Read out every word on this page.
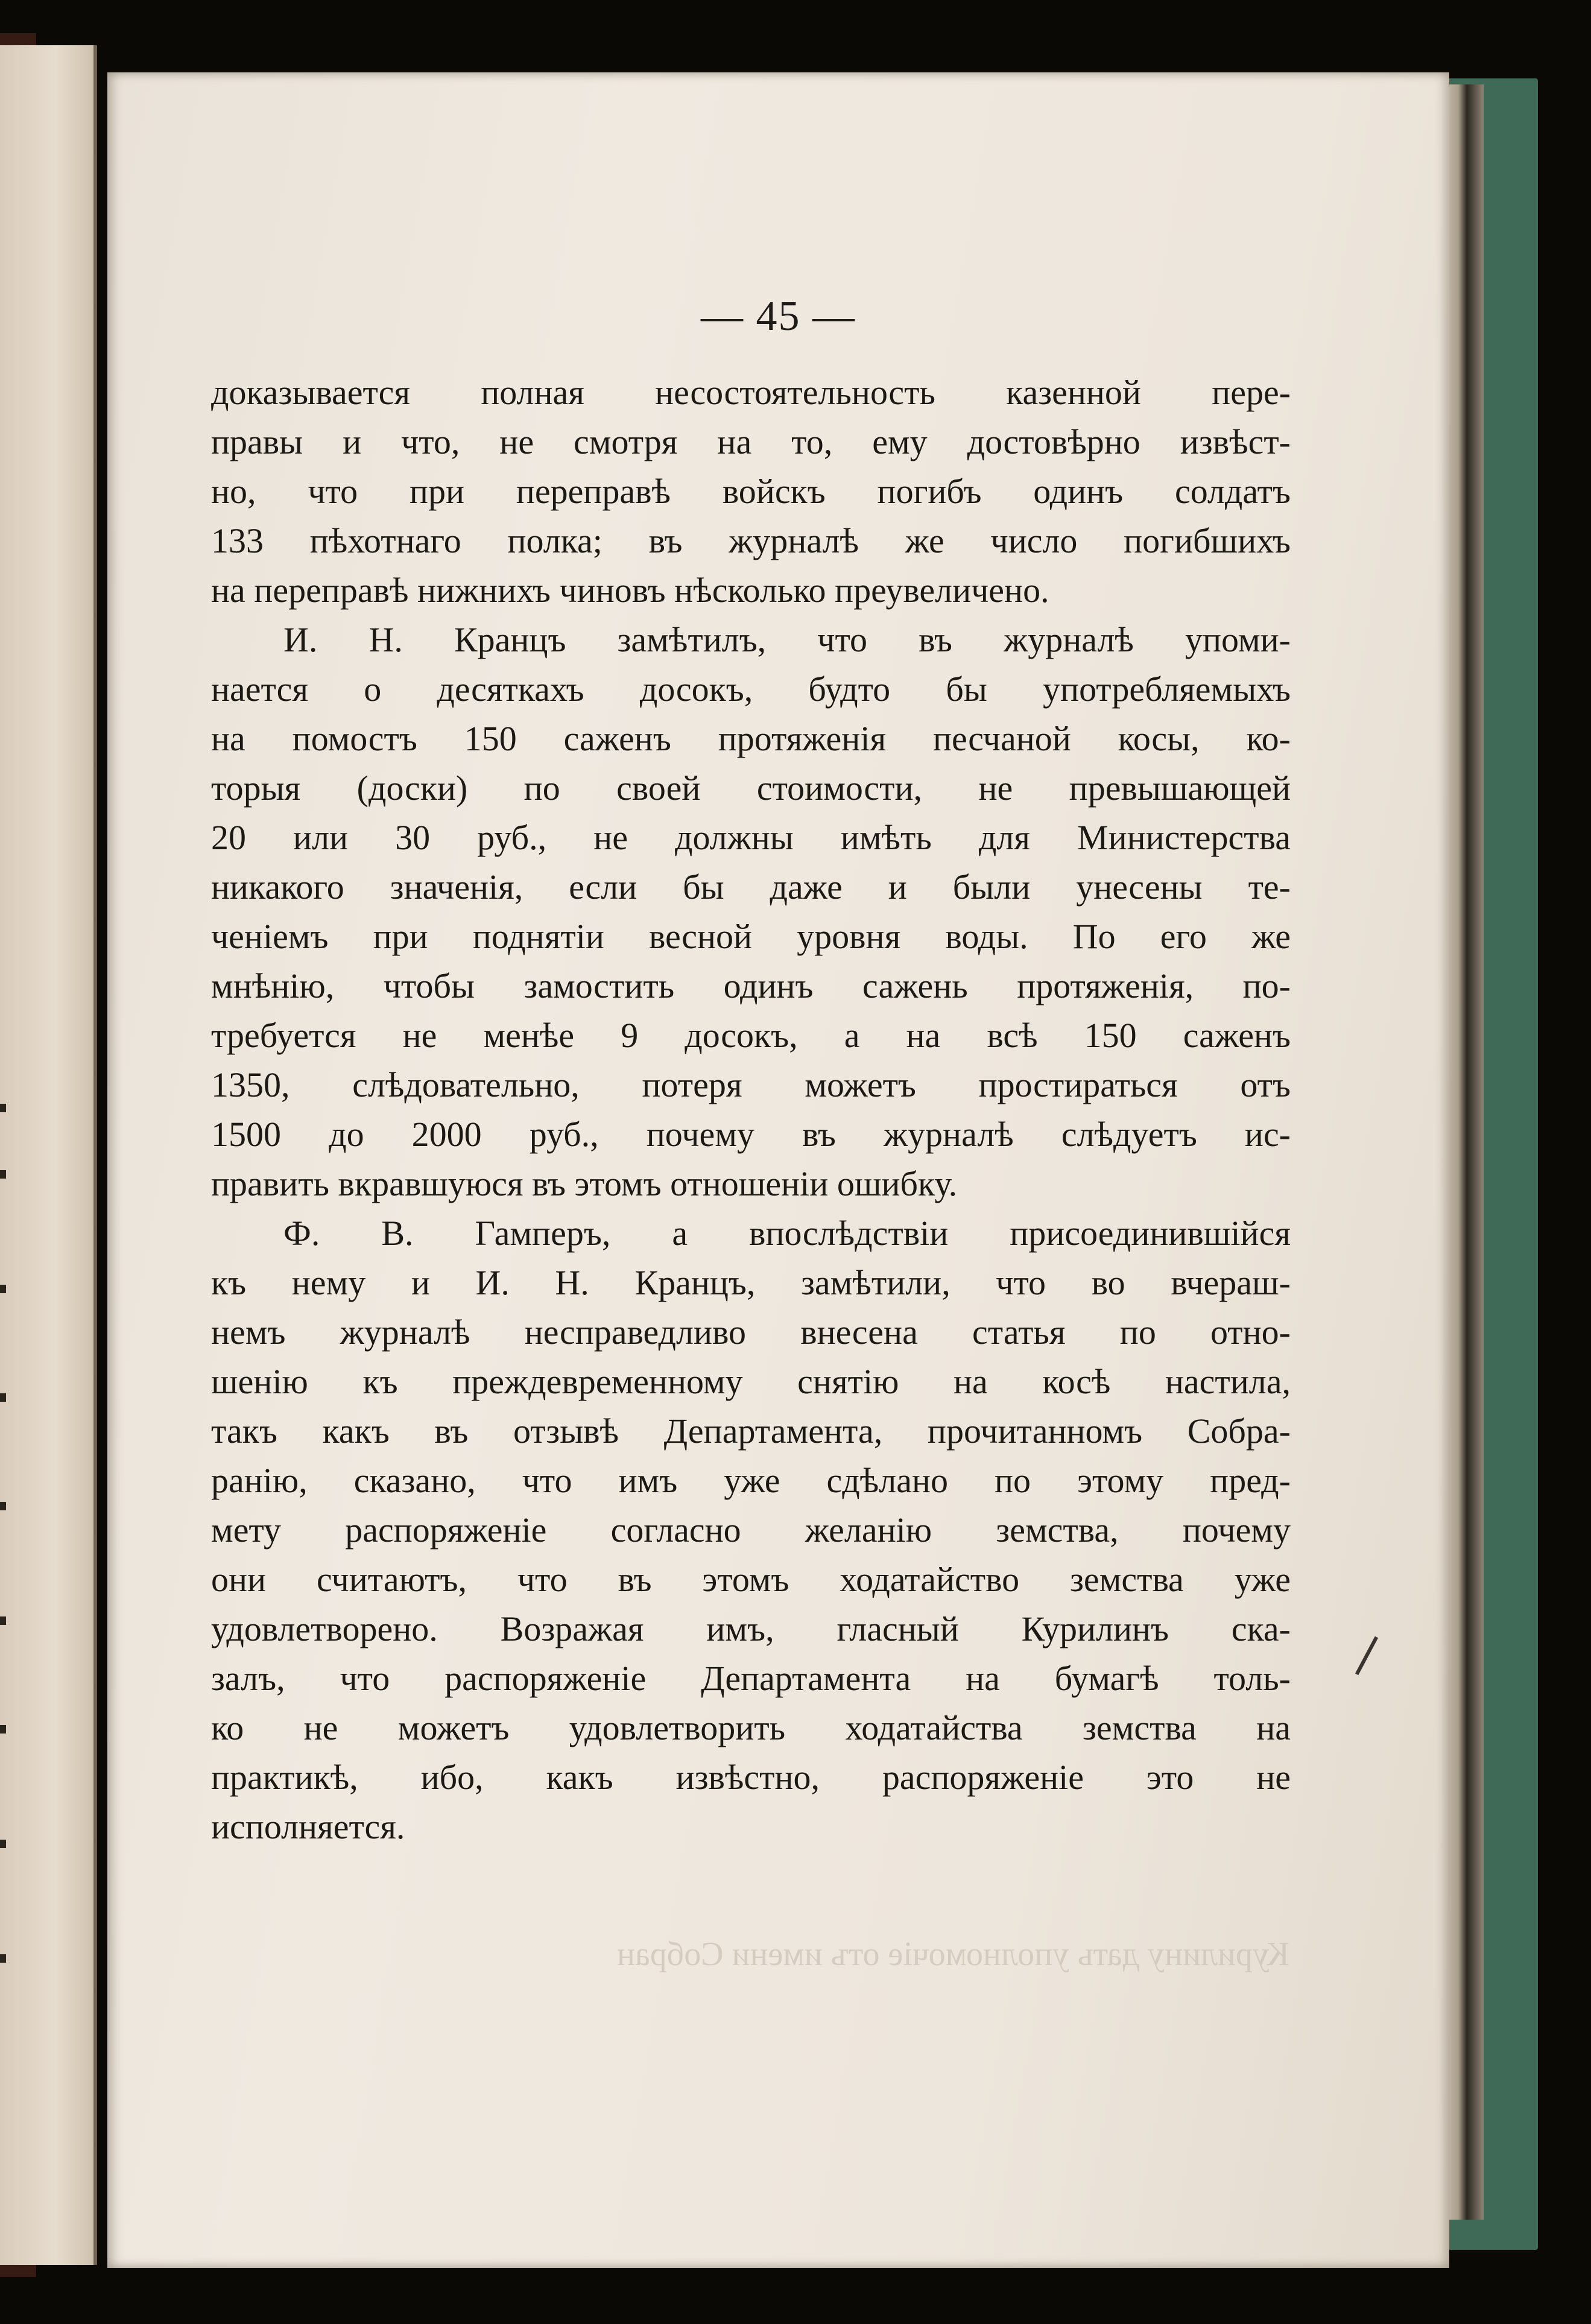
— 45 —
доказывается полная несостоятельность казенной пере-
правы и что, не смотря на то, ему достовѣрно извѣст-
но, что при переправѣ войскъ погибъ одинъ солдатъ
133 пѣхотнаго полка; въ журналѣ же число погибшихъ
на переправѣ нижнихъ чиновъ нѣсколько преувеличено.
И. Н. Кранцъ замѣтилъ, что въ журналѣ упоми-
нается о десяткахъ досокъ, будто бы употребляемыхъ
на помостъ 150 саженъ протяженія песчаной косы, ко-
торыя (доски) по своей стоимости, не превышающей
20 или 30 руб., не должны имѣть для Министерства
никакого значенія, если бы даже и были унесены те-
ченіемъ при поднятіи весной уровня воды. По его же
мнѣнію, чтобы замостить одинъ сажень протяженія, по-
требуется не менѣе 9 досокъ, а на всѣ 150 саженъ
1350, слѣдовательно, потеря можетъ простираться отъ
1500 до 2000 руб., почему въ журналѣ слѣдуетъ ис-
править вкравшуюся въ этомъ отношеніи ошибку.
Ф. В. Гамперъ, а впослѣдствіи присоединившійся
къ нему и И. Н. Кранцъ, замѣтили, что во вчераш-
немъ журналѣ несправедливо внесена статья по отно-
шенію къ преждевременному снятію на косѣ настила,
такъ какъ въ отзывѣ Департамента, прочитанномъ Собра-
ранію, сказано, что имъ уже сдѣлано по этому пред-
мету распоряженіе согласно желанію земства, почему
они считаютъ, что въ этомъ ходатайство земства уже
удовлетворено. Возражая имъ, гласный Курилинъ ска-
залъ, что распоряженіе Департамента на бумагѣ толь-
ко не можетъ удовлетворить ходатайства земства на
практикѣ, ибо, какъ извѣстно, распоряженіе это не
исполняется.
Курилину дать уполномочіе отъ имени Собран
